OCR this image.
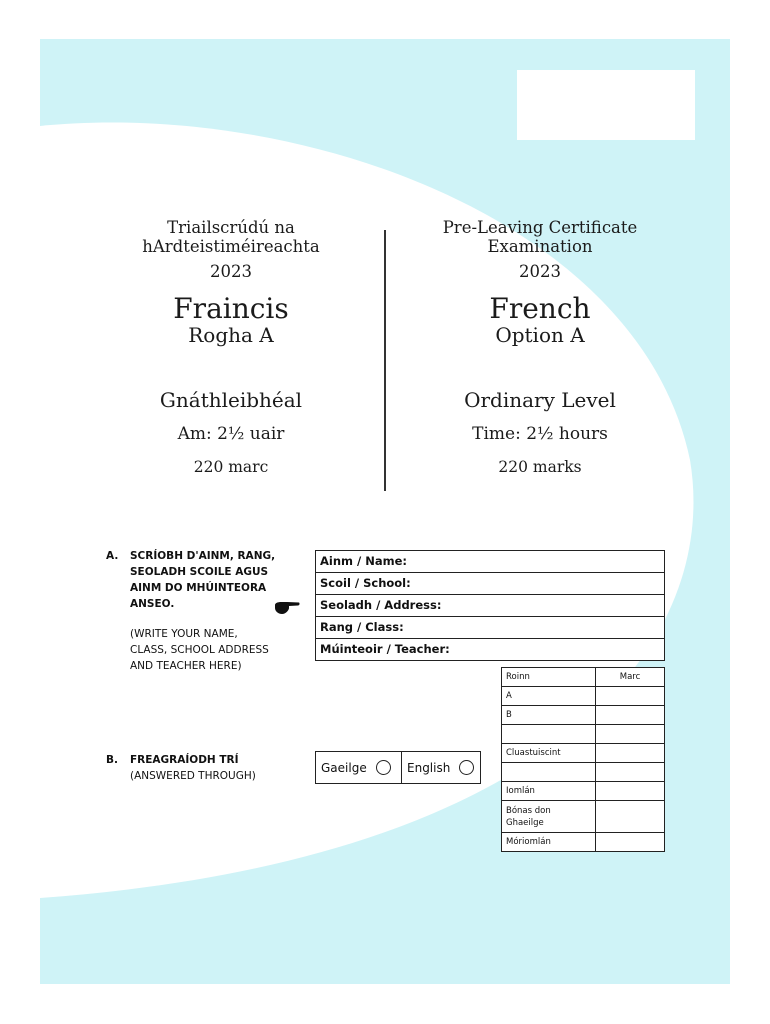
Triailscrúdú na
hArdteistiméireachta
2023
Fraincis
Rogha A
Gnáthleibhéal
Am: 2½ uair
220 marc
Pre-Leaving Certificate
Examination
2023
French
Option A
Ordinary Level
Time: 2½ hours
220 marks
A. SCRÍOBH D'AINM, RANG,
SEOLADH SCOILE AGUS
AINM DO MHÚINTEORA
ANSEO.
(WRITE YOUR NAME,
CLASS, SCHOOL ADDRESS
AND TEACHER HERE)
Ainm / Name:
Scoil / School:
Seoladh / Address:
Rang / Class:
Múinteoir / Teacher:
Roinn	Marc
A	
B	

Cluastuiscint	

Iomlán	
Bónas don Ghaeilge	
Móriomlán	
B. FREAGRAÍODH TRÍ
(ANSWERED THROUGH)
Gaeilge	English
